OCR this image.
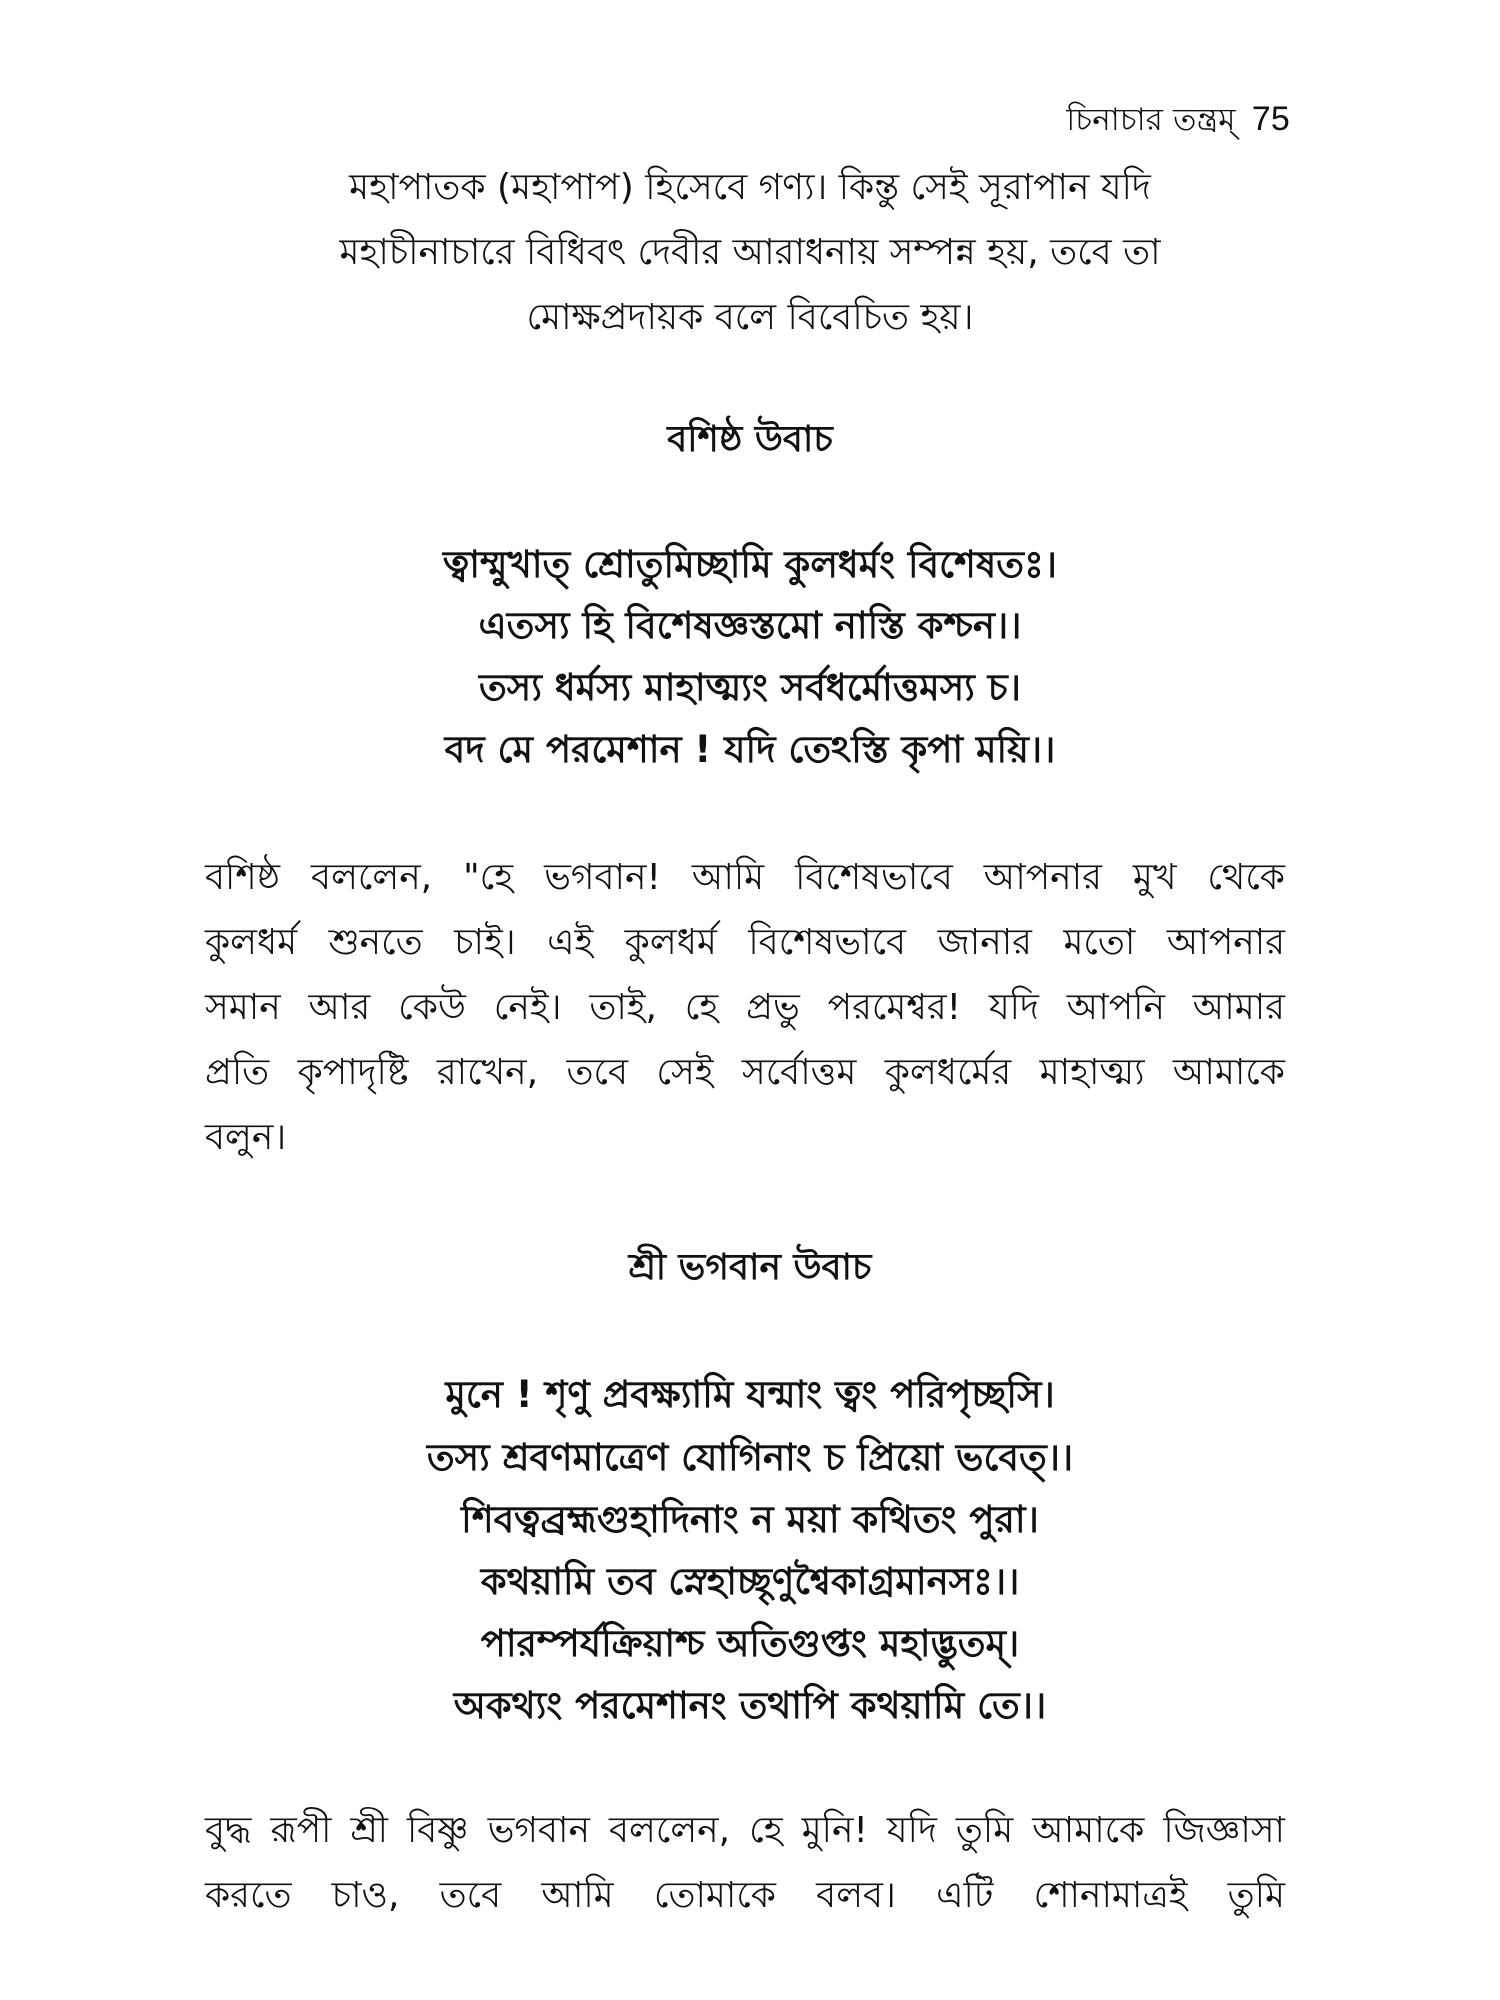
চিনাচার তন্ত্রম্ 75
মহাপাতক (মহাপাপ) হিসেবে গণ্য। কিন্তু সেই সূরাপান যদি
মহাচীনাচারে বিধিবৎ দেবীর আরাধনায় সম্পন্ন হয়, তবে তা
মোক্ষপ্রদায়ক বলে বিবেচিত হয়।
বশিষ্ঠ উবাচ
ত্বাম্মুখাত্ শ্রোতুমিচ্ছামি কুলধর্মং বিশেষতঃ।
এতস্য হি বিশেষজ্ঞস্তমো নাস্তি কশ্চন।।
তস্য ধর্মস্য মাহাত্ম্যং সর্বধর্মোত্তমস্য চ।
বদ মে পরমেশান ! যদি তেঽস্তি কৃপা ময়ি।।
বশিষ্ঠ বললেন, "হে ভগবান! আমি বিশেষভাবে আপনার মুখ থেকে
কুলধর্ম শুনতে চাই। এই কুলধর্ম বিশেষভাবে জানার মতো আপনার
সমান আর কেউ নেই। তাই, হে প্রভু পরমেশ্বর! যদি আপনি আমার
প্রতি কৃপাদৃষ্টি রাখেন, তবে সেই সর্বোত্তম কুলধর্মের মাহাত্ম্য আমাকে
বলুন।
শ্রী ভগবান উবাচ
মুনে ! শৃণু প্রবক্ষ্যামি যন্মাং ত্বং পরিপৃচ্ছসি।
তস্য শ্রবণমাত্রেণ যোগিনাং চ প্রিয়ো ভবেত্।।
শিবত্বব্রহ্মগুহাদিনাং ন ময়া কথিতং পুরা।
কথয়ামি তব স্নেহাচ্ছৃণুশ্বৈকাগ্রমানসঃ।।
পারম্পর্যক্রিয়াশ্চ অতিগুপ্তং মহাদ্ভুতম্।
অকথ্যং পরমেশানং তথাপি কথয়ামি তে।।
বুদ্ধ রূপী শ্রী বিষ্ণু ভগবান বললেন, হে মুনি! যদি তুমি আমাকে জিজ্ঞাসা
করতে চাও, তবে আমি তোমাকে বলব। এটি শোনামাত্রই তুমি
